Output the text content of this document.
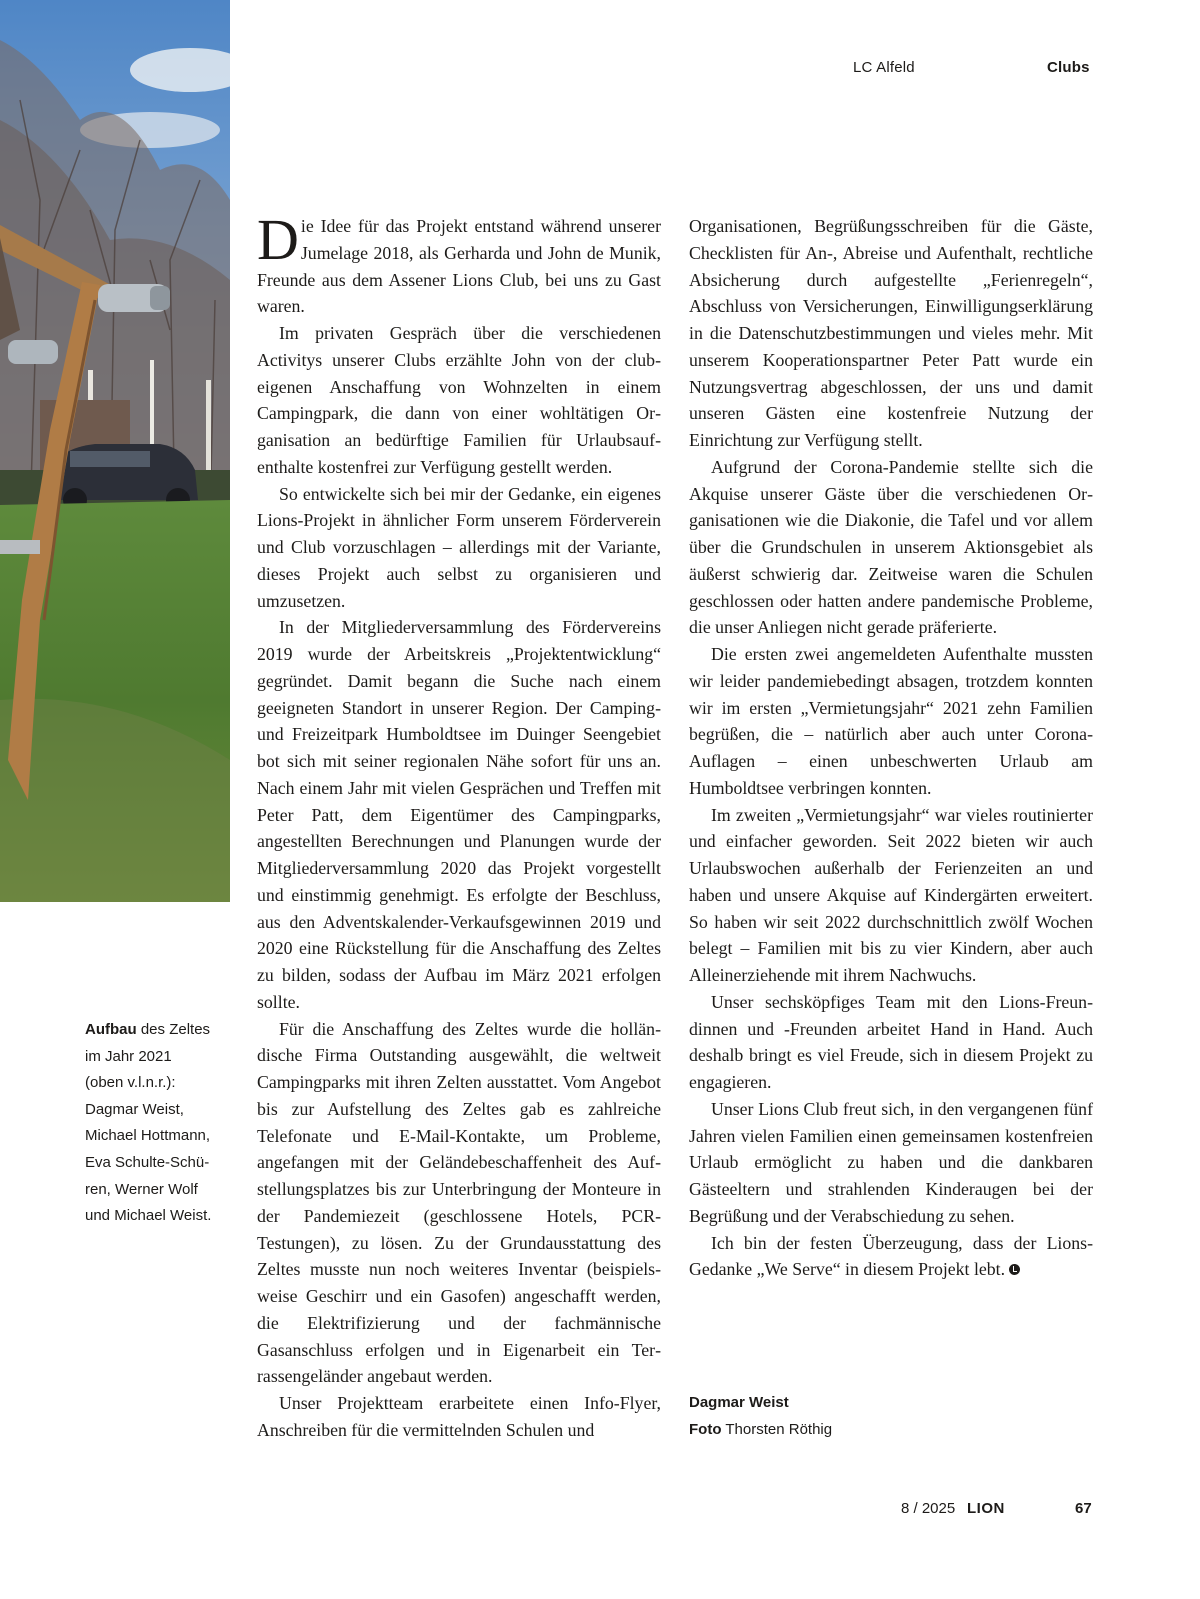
LC Alfeld	Clubs
Aufbau des Zeltes
im Jahr 2021
(oben v.l.n.r.):
Dagmar Weist,
Michael Hottmann,
Eva Schulte-Schü-
ren, Werner Wolf
und Michael Weist.

Die Idee für das Projekt entstand während unserer Jumelage 2018, als Gerharda und John de Munik, Freunde aus dem Assener Lions Club, bei uns zu Gast waren.

Im privaten Gespräch über die verschiedenen Activitys unserer Clubs erzählte John von der clubeigenen Anschaffung von Wohnzelten in einem Campingpark, die dann von einer wohltätigen Organisation an bedürftige Familien für Urlaubsaufenthalte kostenfrei zur Verfügung gestellt werden.

So entwickelte sich bei mir der Gedanke, ein eigenes Lions-Projekt in ähnlicher Form unserem Förderverein und Club vorzuschlagen – allerdings mit der Variante, dieses Projekt auch selbst zu organisieren und umzusetzen.

In der Mitgliederversammlung des Fördervereins 2019 wurde der Arbeitskreis „Projektentwicklung“ gegründet. Damit begann die Suche nach einem geeigneten Standort in unserer Region. Der Camping- und Freizeitpark Humboldtsee im Duinger Seengebiet bot sich mit seiner regionalen Nähe sofort für uns an. Nach einem Jahr mit vielen Gesprächen und Treffen mit Peter Patt, dem Eigentümer des Campingparks, angestellten Berechnungen und Planungen wurde der Mitgliederversammlung 2020 das Projekt vorgestellt und einstimmig genehmigt. Es erfolgte der Beschluss, aus den Adventskalender-Verkaufsgewinnen 2019 und 2020 eine Rückstellung für die Anschaffung des Zeltes zu bilden, sodass der Aufbau im März 2021 erfolgen sollte.

Für die Anschaffung des Zeltes wurde die holländische Firma Outstanding ausgewählt, die weltweit Campingparks mit ihren Zelten ausstattet. Vom Angebot bis zur Aufstellung des Zeltes gab es zahlreiche Telefonate und E-Mail-Kontakte, um Probleme, angefangen mit der Geländebeschaffenheit des Aufstellungsplatzes bis zur Unterbringung der Monteure in der Pandemiezeit (geschlossene Hotels, PCR-Testungen), zu lösen. Zu der Grundausstattung des Zeltes musste nun noch weiteres Inventar (beispielsweise Geschirr und ein Gasofen) angeschafft werden, die Elektrifizierung und der fachmännische Gasanschluss erfolgen und in Eigenarbeit ein Terrassengeländer angebaut werden.

Unser Projektteam erarbeitete einen Info-Flyer, Anschreiben für die vermittelnden Schulen und

Organisationen, Begrüßungsschreiben für die Gäste, Checklisten für An-, Abreise und Aufenthalt, rechtliche Absicherung durch aufgestellte „Ferienregeln“, Abschluss von Versicherungen, Einwilligungserklärung in die Datenschutzbestimmungen und vieles mehr. Mit unserem Kooperationspartner Peter Patt wurde ein Nutzungsvertrag abgeschlossen, der uns und damit unseren Gästen eine kostenfreie Nutzung der Einrichtung zur Verfügung stellt.

Aufgrund der Corona-Pandemie stellte sich die Akquise unserer Gäste über die verschiedenen Organisationen wie die Diakonie, die Tafel und vor allem über die Grundschulen in unserem Aktionsgebiet als äußerst schwierig dar. Zeitweise waren die Schulen geschlossen oder hatten andere pandemische Probleme, die unser Anliegen nicht gerade präferierte.

Die ersten zwei angemeldeten Aufenthalte mussten wir leider pandemiebedingt absagen, trotzdem konnten wir im ersten „Vermietungsjahr“ 2021 zehn Familien begrüßen, die – natürlich aber auch unter Corona-Auflagen – einen unbeschwerten Urlaub am Humboldtsee verbringen konnten.

Im zweiten „Vermietungsjahr“ war vieles routinierter und einfacher geworden. Seit 2022 bieten wir auch Urlaubswochen außerhalb der Ferienzeiten an und haben und unsere Akquise auf Kindergärten erweitert. So haben wir seit 2022 durchschnittlich zwölf Wochen belegt – Familien mit bis zu vier Kindern, aber auch Alleinerziehende mit ihrem Nachwuchs.

Unser sechsköpfiges Team mit den Lions-Freundinnen und -Freunden arbeitet Hand in Hand. Auch deshalb bringt es viel Freude, sich in diesem Projekt zu engagieren.

Unser Lions Club freut sich, in den vergangenen fünf Jahren vielen Familien einen gemeinsamen kostenfreien Urlaub ermöglicht zu haben und die dankbaren Gästeeltern und strahlenden Kinderaugen bei der Begrüßung und der Verabschiedung zu sehen.

Ich bin der festen Überzeugung, dass der Lions-Gedanke „We Serve“ in diesem Projekt lebt.

Dagmar Weist
Foto Thorsten Röthig
8 / 2025 LION	67
